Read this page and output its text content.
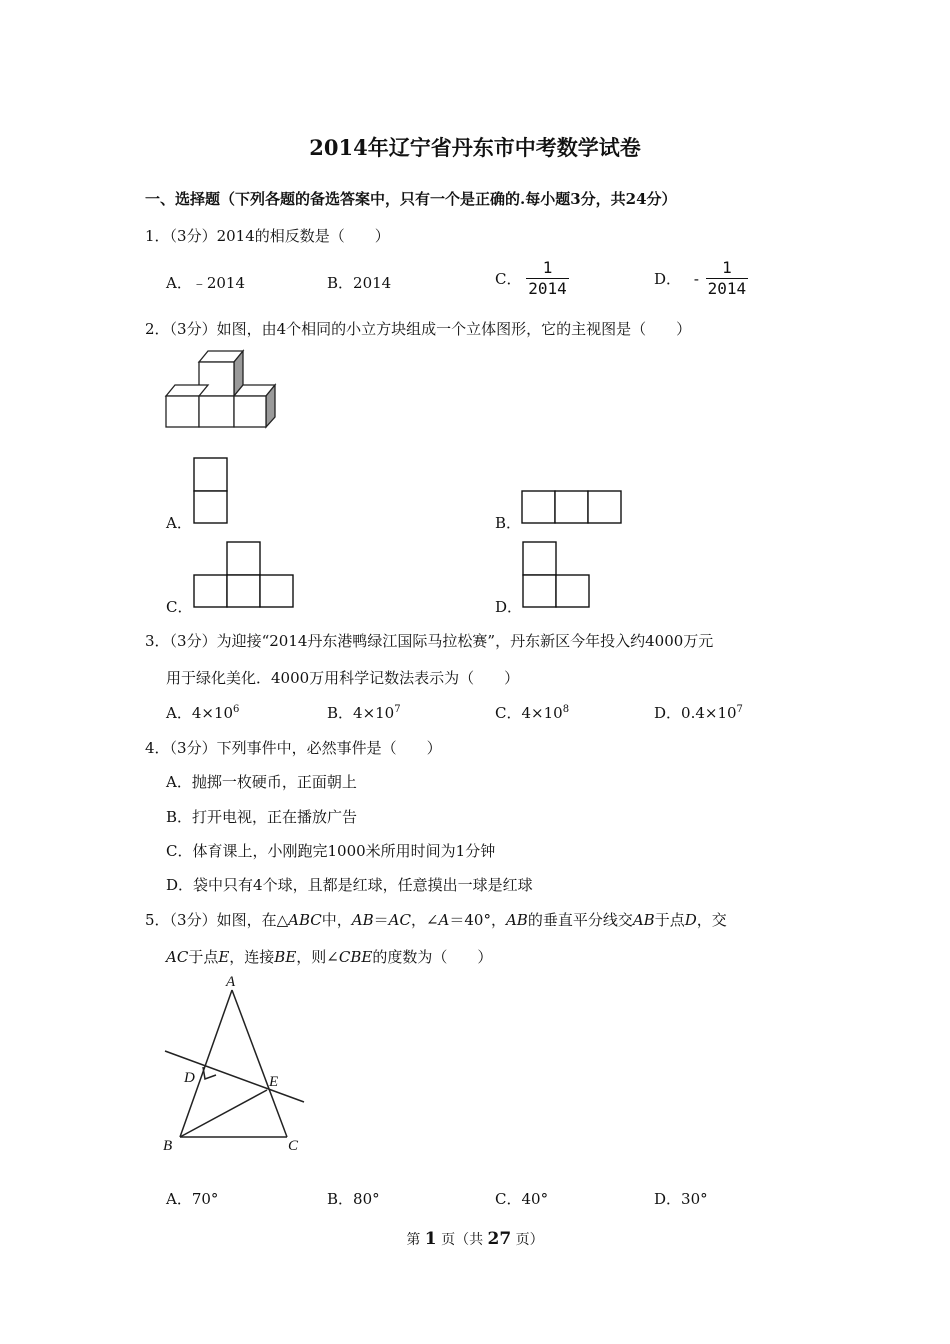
2014年辽宁省丹东市中考数学试卷
一、选择题（下列各题的备选答案中，只有一个是正确的.每小题3分，共24分）
1．（3分）2014的相反数是（　　）
A．﹣2014	B．2014	C． $\frac{1}{2014}$	D． - $\frac{1}{2014}$
2．（3分）如图，由4个相同的小立方块组成一个立体图形，它的主视图是（　　）
A．	B．
C．	D．
3．（3分）为迎接“2014丹东港鸭绿江国际马拉松赛”，丹东新区今年投入约4000万元
用于绿化美化．4000万用科学记数法表示为（　　）
A．$4\times 10^6$	B．$4\times 10^7$	C．$4\times 10^8$	D．$0.4\times 10^7$
4．（3分）下列事件中，必然事件是（　　）
A．抛掷一枚硬币，正面朝上
B．打开电视，正在播放广告
C．体育课上，小刚跑完1000米所用时间为1分钟
D．袋中只有4个球，且都是红球，任意摸出一球是红球
5．（3分）如图，在△ABC中，AB＝AC，∠A＝40°，AB的垂直平分线交AB于点D，交
AC于点E，连接BE，则∠CBE的度数为（　　）
A
B	C
D	E
A．70°	B．80°	C．40°	D．30°
第 1 页（共 27 页）
